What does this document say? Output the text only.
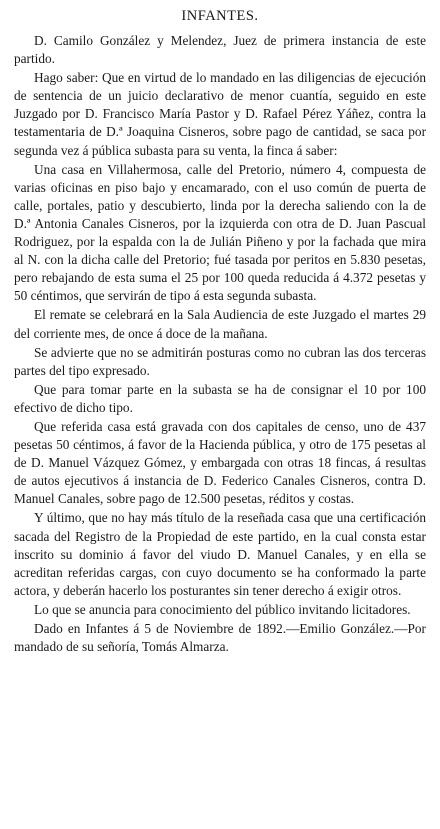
INFANTES.

D. Camilo González y Melendez, Juez de primera instancia de este partido.

Hago saber: Que en virtud de lo mandado en las diligencias de ejecución de sentencia de un juicio declarativo de menor cuantía, seguido en este Juzgado por D. Francisco María Pastor y D. Rafael Pérez Yáñez, contra la testamentaria de D.ª Joaquina Cisneros, sobre pago de cantidad, se saca por segunda vez á pública subasta para su venta, la finca á saber:

Una casa en Villahermosa, calle del Pretorio, número 4, compuesta de varias oficinas en piso bajo y encamarado, con el uso común de puerta de calle, portales, patio y descubierto, linda por la derecha saliendo con la de D.ª Antonia Canales Cisneros, por la izquierda con otra de D. Juan Pascual Rodriguez, por la espalda con la de Julián Piñeno y por la fachada que mira al N. con la dicha calle del Pretorio; fué tasada por peritos en 5.830 pesetas, pero rebajando de esta suma el 25 por 100 queda reducida á 4.372 pesetas y 50 céntimos, que servirán de tipo á esta segunda subasta.

El remate se celebrará en la Sala Audiencia de este Juzgado el martes 29 del corriente mes, de once á doce de la mañana.

Se advierte que no se admitirán posturas como no cubran las dos terceras partes del tipo expresado.

Que para tomar parte en la subasta se ha de consignar el 10 por 100 efectivo de dicho tipo.

Que referida casa está gravada con dos capitales de censo, uno de 437 pesetas 50 céntimos, á favor de la Hacienda pública, y otro de 175 pesetas al de D. Manuel Vázquez Gómez, y embargada con otras 18 fincas, á resultas de autos ejecutivos á instancia de D. Federico Canales Cisneros, contra D. Manuel Canales, sobre pago de 12.500 pesetas, réditos y costas.

Y último, que no hay más título de la reseñada casa que una certificación sacada del Registro de la Propiedad de este partido, en la cual consta estar inscrito su dominio á favor del viudo D. Manuel Canales, y en ella se acreditan referidas cargas, con cuyo documento se ha conformado la parte actora, y deberán hacerlo los posturantes sin tener derecho á exigir otros.

Lo que se anuncia para conocimiento del público invitando licitadores.

Dado en Infantes á 5 de Noviembre de 1892.—Emilio González.—Por mandado de su señoría, Tomás Almarza.
